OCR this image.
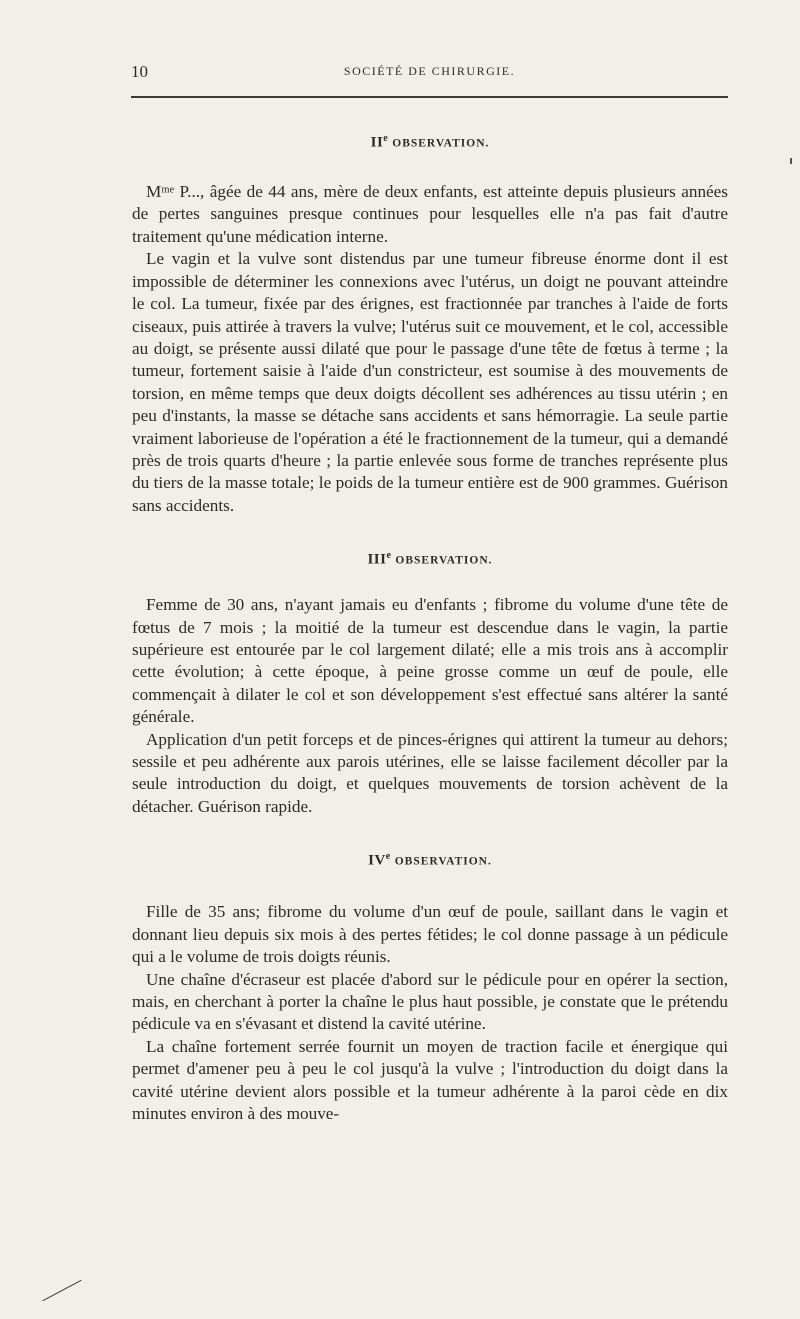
10	SOCIÉTÉ DE CHIRURGIE.
IIe OBSERVATION.

Mᵐᵉ P..., âgée de 44 ans, mère de deux enfants, est atteinte depuis plusieurs années de pertes sanguines presque continues pour lesquelles elle n'a pas fait d'autre traitement qu'une médication interne.

Le vagin et la vulve sont distendus par une tumeur fibreuse énorme dont il est impossible de déterminer les connexions avec l'utérus, un doigt ne pouvant atteindre le col. La tumeur, fixée par des érignes, est fractionnée par tranches à l'aide de forts ciseaux, puis attirée à travers la vulve; l'utérus suit ce mouvement, et le col, accessible au doigt, se présente aussi dilaté que pour le passage d'une tête de fœtus à terme ; la tumeur, fortement saisie à l'aide d'un constricteur, est soumise à des mouvements de torsion, en même temps que deux doigts décollent ses adhérences au tissu utérin ; en peu d'instants, la masse se détache sans accidents et sans hémorragie. La seule partie vraiment laborieuse de l'opération a été le fractionnement de la tumeur, qui a demandé près de trois quarts d'heure ; la partie enlevée sous forme de tranches représente plus du tiers de la masse totale; le poids de la tumeur entière est de 900 grammes. Guérison sans accidents.

IIIe OBSERVATION.

Femme de 30 ans, n'ayant jamais eu d'enfants ; fibrome du volume d'une tête de fœtus de 7 mois ; la moitié de la tumeur est descendue dans le vagin, la partie supérieure est entourée par le col largement dilaté; elle a mis trois ans à accomplir cette évolution; à cette époque, à peine grosse comme un œuf de poule, elle commençait à dilater le col et son développement s'est effectué sans altérer la santé générale.

Application d'un petit forceps et de pinces-érignes qui attirent la tumeur au dehors; sessile et peu adhérente aux parois utérines, elle se laisse facilement décoller par la seule introduction du doigt, et quelques mouvements de torsion achèvent de la détacher. Guérison rapide.

IVe OBSERVATION.

Fille de 35 ans; fibrome du volume d'un œuf de poule, saillant dans le vagin et donnant lieu depuis six mois à des pertes fétides; le col donne passage à un pédicule qui a le volume de trois doigts réunis.

Une chaîne d'écraseur est placée d'abord sur le pédicule pour en opérer la section, mais, en cherchant à porter la chaîne le plus haut possible, je constate que le prétendu pédicule va en s'évasant et distend la cavité utérine.

La chaîne fortement serrée fournit un moyen de traction facile et énergique qui permet d'amener peu à peu le col jusqu'à la vulve ; l'introduction du doigt dans la cavité utérine devient alors possible et la tumeur adhérente à la paroi cède en dix minutes environ à des mouve-
